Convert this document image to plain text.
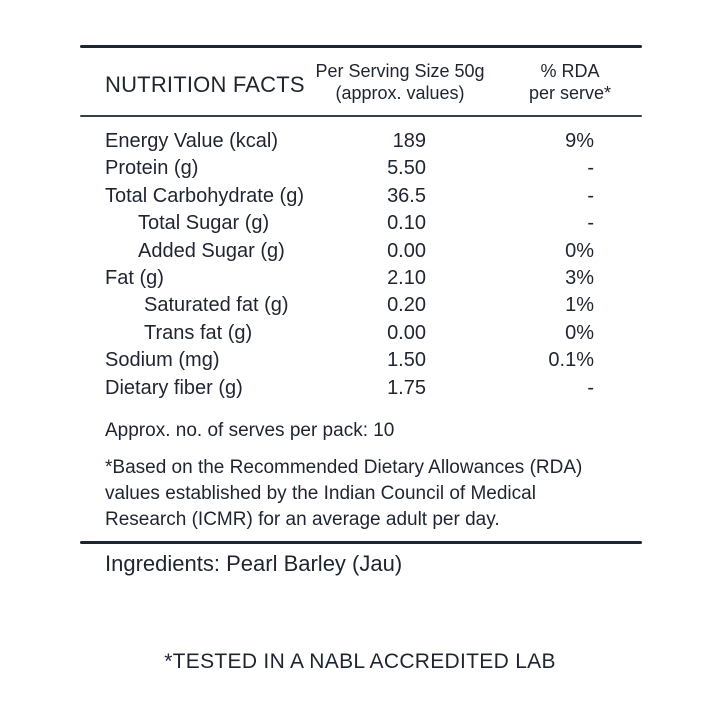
NUTRITION FACTS
Per Serving Size 50g
(approx. values)
% RDA
per serve*
Energy Value (kcal)	189	9%
Protein (g)	5.50	-
Total Carbohydrate (g)	36.5	-
Total Sugar (g)	0.10	-
Added Sugar (g)	0.00	0%
Fat (g)	2.10	3%
Saturated fat (g)	0.20	1%
Trans fat (g)	0.00	0%
Sodium (mg)	1.50	0.1%
Dietary fiber (g)	1.75	-
Approx. no. of serves per pack: 10
*Based on the Recommended Dietary Allowances (RDA)
values established by the Indian Council of Medical
Research (ICMR) for an average adult per day.
Ingredients: Pearl Barley (Jau)
*TESTED IN A NABL ACCREDITED LAB
